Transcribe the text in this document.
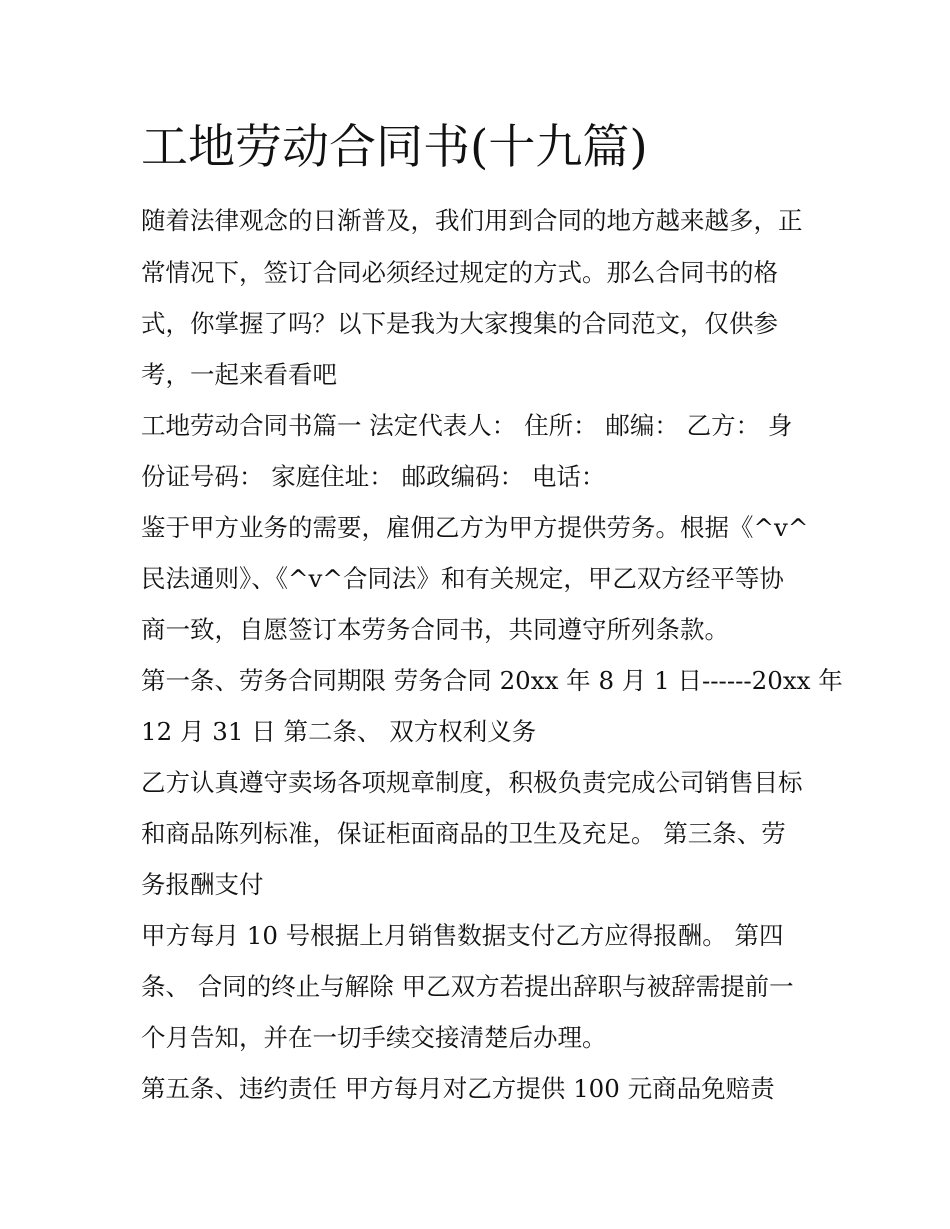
工地劳动合同书(十九篇)

随着法律观念的日渐普及，我们用到合同的地方越来越多，正

常情况下，签订合同必须经过规定的方式。那么合同书的格

式，你掌握了吗？以下是我为大家搜集的合同范文，仅供参

考，一起来看看吧

工地劳动合同书篇一 法定代表人： 住所： 邮编： 乙方： 身

份证号码： 家庭住址： 邮政编码： 电话：

鉴于甲方业务的需要，雇佣乙方为甲方提供劳务。根据《^v^

民法通则》、《^v^合同法》和有关规定，甲乙双方经平等协

商一致，自愿签订本劳务合同书，共同遵守所列条款。

第一条、劳务合同期限 劳务合同 20xx 年 8 月 1 日------20xx 年

12 月 31 日 第二条、 双方权利义务

乙方认真遵守卖场各项规章制度，积极负责完成公司销售目标

和商品陈列标准，保证柜面商品的卫生及充足。 第三条、劳

务报酬支付

甲方每月 10 号根据上月销售数据支付乙方应得报酬。 第四

条、 合同的终止与解除 甲乙双方若提出辞职与被辞需提前一

个月告知，并在一切手续交接清楚后办理。

第五条、违约责任 甲方每月对乙方提供 100 元商品免赔责
